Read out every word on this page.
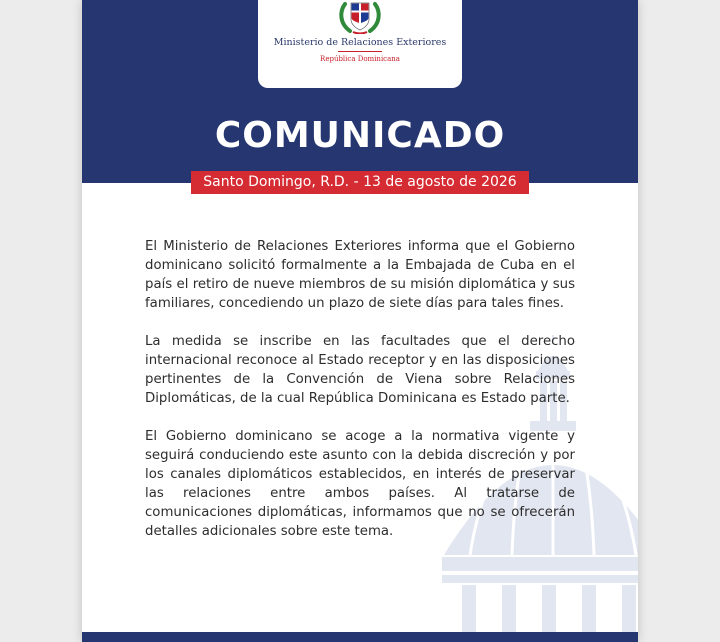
Ministerio de Relaciones Exteriores
República Dominicana
COMUNICADO
Santo Domingo, R.D. - 13 de agosto de 2026

El Ministerio de Relaciones Exteriores informa que el Gobierno dominicano solicitó formalmente a la Embajada de Cuba en el país el retiro de nueve miembros de su misión diplomática y sus familiares, concediendo un plazo de siete días para tales fines.

La medida se inscribe en las facultades que el derecho internacional reconoce al Estado receptor y en las disposiciones pertinentes de la Convención de Viena sobre Relaciones Diplomáticas, de la cual República Dominicana es Estado parte.

El Gobierno dominicano se acoge a la normativa vigente y seguirá conduciendo este asunto con la debida discreción y por los canales diplomáticos establecidos, en interés de preservar las relaciones entre ambos países. Al tratarse de comunicaciones diplomáticas, informamos que no se ofrecerán detalles adicionales sobre este tema.
